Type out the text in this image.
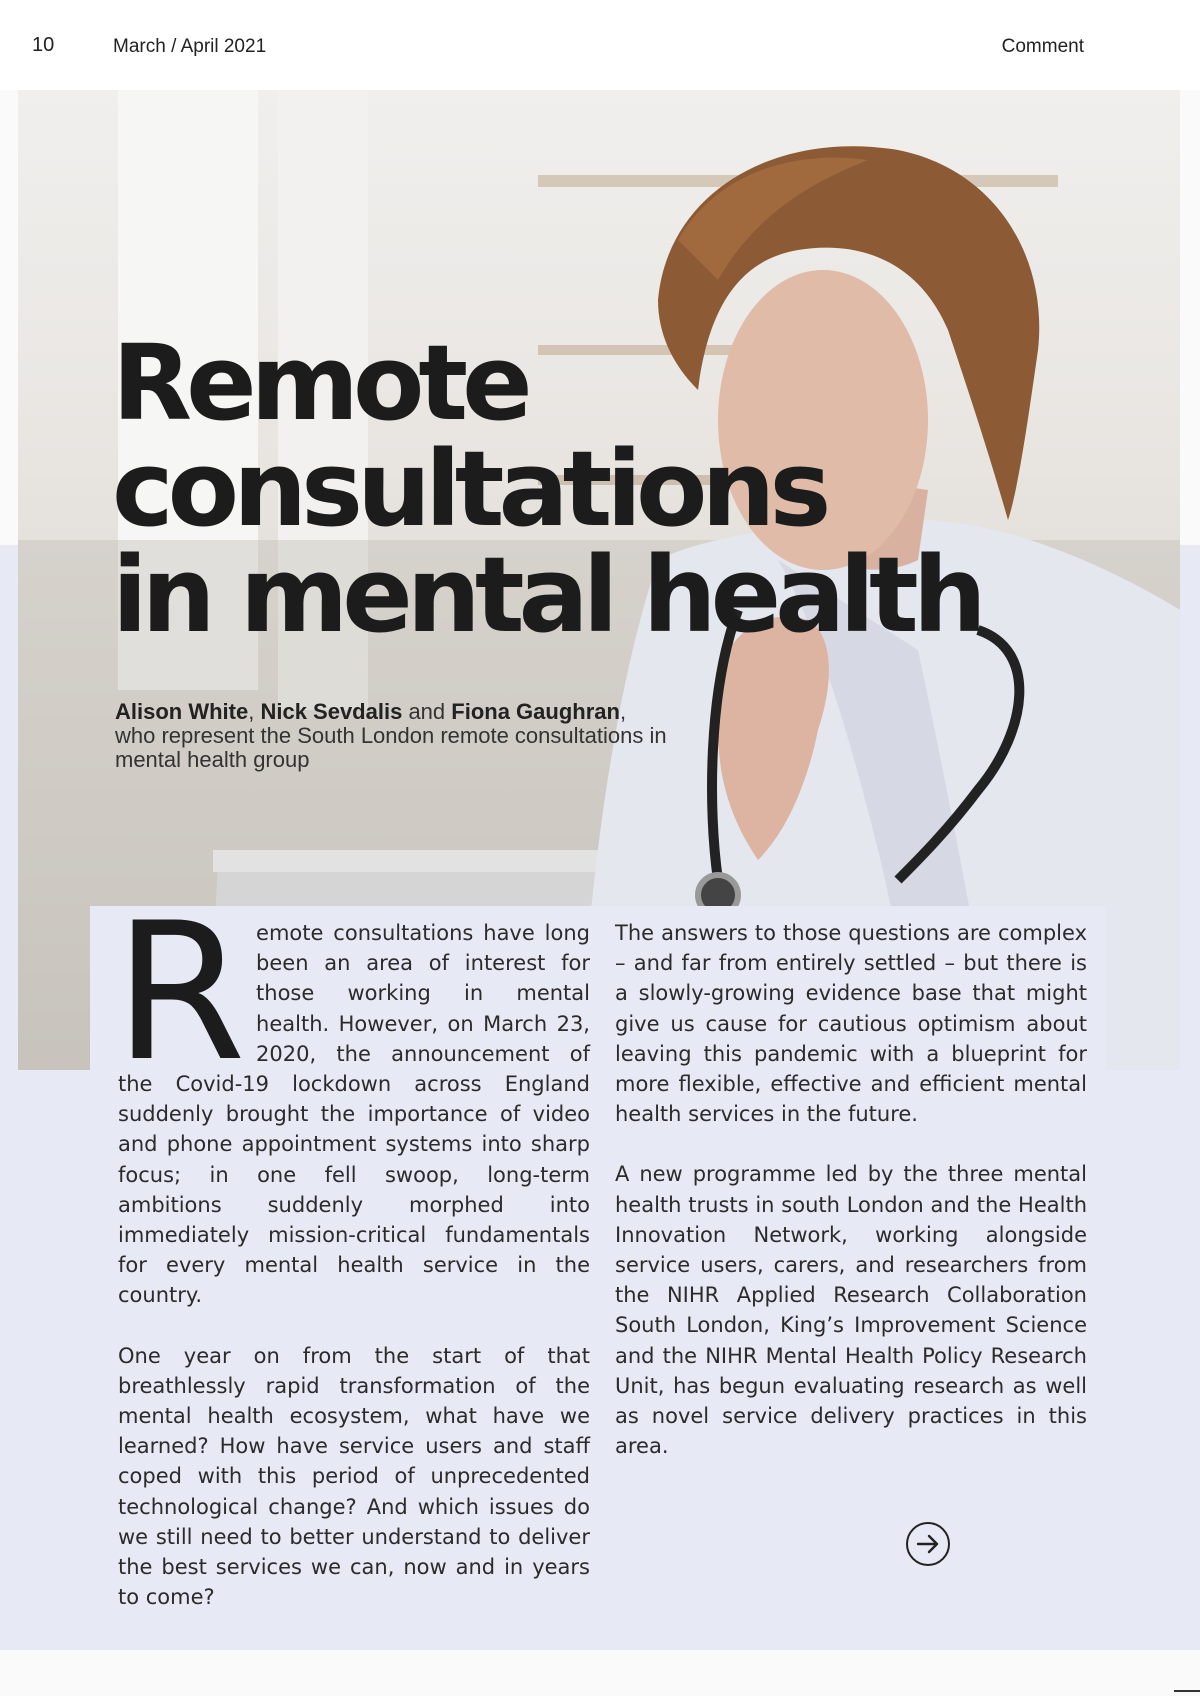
10	March / April 2021	Comment
Remote
consultations
in mental health
Alison White, Nick Sevdalis and Fiona Gaughran,
who represent the South London remote consultations in mental health group

Remote consultations have long been an area of interest for those working in mental health. However, on March 23, 2020, the announcement of the Covid-19 lockdown across England suddenly brought the importance of video and phone appointment systems into sharp focus; in one fell swoop, long-term ambitions suddenly morphed into immediately mission-critical fundamentals for every mental health service in the country.

One year on from the start of that breathlessly rapid transformation of the mental health ecosystem, what have we learned? How have service users and staff coped with this period of unprecedented technological change? And which issues do we still need to better understand to deliver the best services we can, now and in years to come?

The answers to those questions are complex – and far from entirely settled – but there is a slowly-growing evidence base that might give us cause for cautious optimism about leaving this pandemic with a blueprint for more flexible, effective and efficient mental health services in the future.

A new programme led by the three mental health trusts in south London and the Health Innovation Network, working alongside service users, carers, and researchers from the NIHR Applied Research Collaboration South London, King’s Improvement Science and the NIHR Mental Health Policy Research Unit, has begun evaluating research as well as novel service delivery practices in this area.
